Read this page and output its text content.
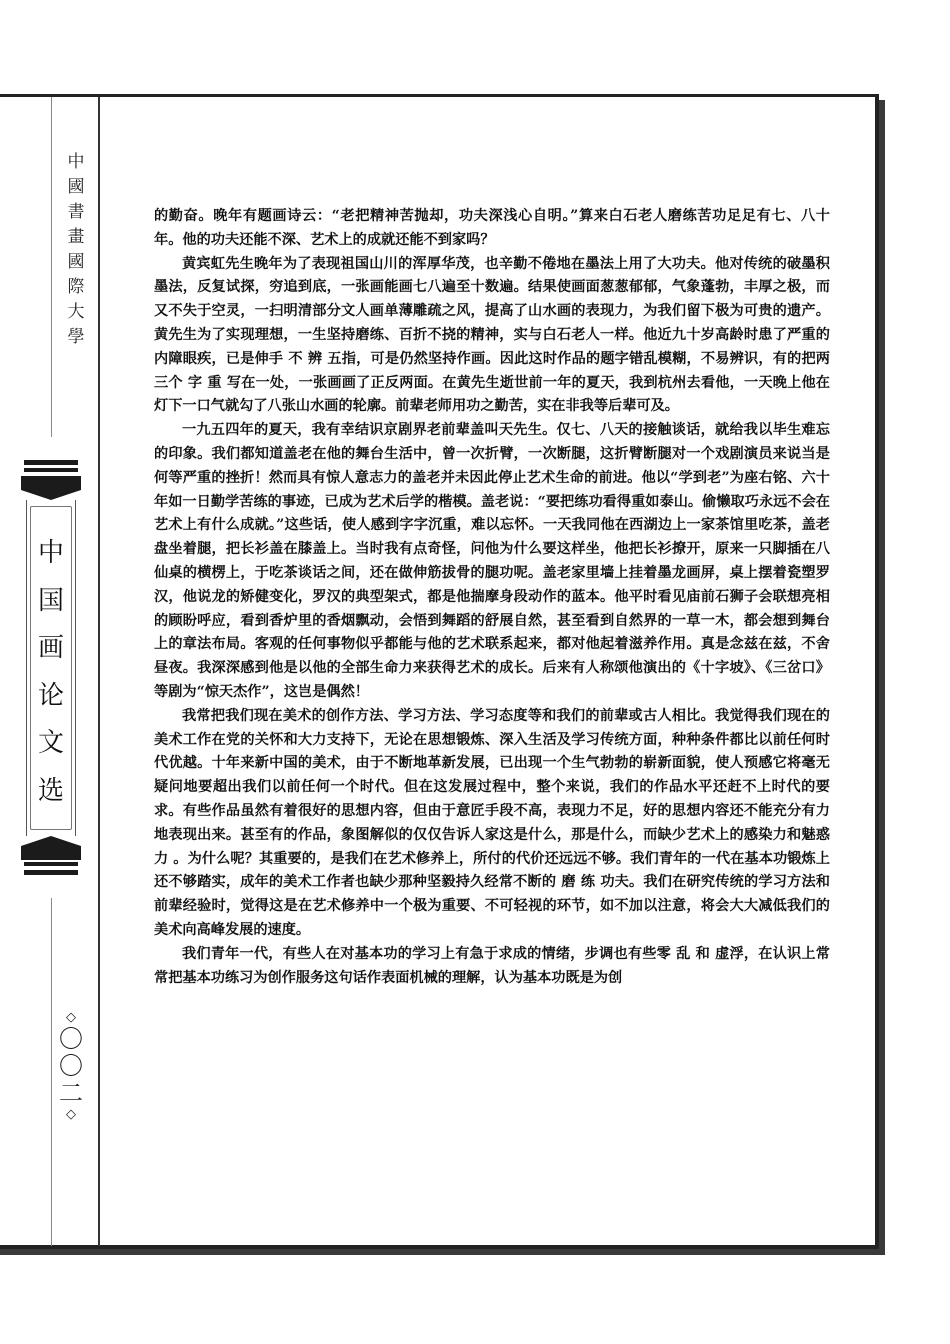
中
國
書
畫
國
際
大
學
中
国
画
论
文
选
◇
〇
〇
二
◇

的勤奋。晚年有题画诗云：“老把精神苦抛却，功夫深浅心自明。”算来白石老人磨练苦功足足有七、八十年。他的功夫还能不深、艺术上的成就还能不到家吗？

黄宾虹先生晚年为了表现祖国山川的浑厚华茂，也辛勤不倦地在墨法上用了大功夫。他对传统的破墨积墨法，反复试探，穷追到底，一张画能画七八遍至十数遍。结果使画面葱葱郁郁，气象蓬勃，丰厚之极，而又不失于空灵，一扫明清部分文人画单薄雕疏之风，提高了山水画的表现力，为我们留下极为可贵的遗产。黄先生为了实现理想，一生坚持磨练、百折不挠的精神，实与白石老人一样。他近九十岁高龄时患了严重的内障眼疾，已是伸手 不 辨 五指，可是仍然坚持作画。因此这时作品的题字错乱模糊，不易辨识，有的把两三个 字 重 写在一处，一张画画了正反两面。在黄先生逝世前一年的夏天，我到杭州去看他，一天晚上他在灯下一口气就勾了八张山水画的轮廓。前辈老师用功之勤苦，实在非我等后辈可及。

一九五四年的夏天，我有幸结识京剧界老前辈盖叫天先生。仅七、八天的接触谈话，就给我以毕生难忘的印象。我们都知道盖老在他的舞台生活中，曾一次折臂，一次断腿，这折臂断腿对一个戏剧演员来说当是何等严重的挫折！然而具有惊人意志力的盖老并未因此停止艺术生命的前进。他以“学到老”为座右铭、六十年如一日勤学苦练的事迹，已成为艺术后学的楷模。盖老说：“要把练功看得重如泰山。偷懒取巧永远不会在艺术上有什么成就。”这些话，使人感到字字沉重，难以忘怀。一天我同他在西湖边上一家茶馆里吃茶，盖老盘坐着腿，把长衫盖在膝盖上。当时我有点奇怪，问他为什么要这样坐，他把长衫撩开，原来一只脚插在八仙桌的横楞上，于吃茶谈话之间，还在做伸筋拔骨的腿功呢。盖老家里墙上挂着墨龙画屏，桌上摆着瓷塑罗汉，他说龙的矫健变化，罗汉的典型架式，都是他揣摩身段动作的蓝本。他平时看见庙前石狮子会联想亮相的顾盼呼应，看到香炉里的香烟飘动，会悟到舞蹈的舒展自然，甚至看到自然界的一草一木，都会想到舞台上的章法布局。客观的任何事物似乎都能与他的艺术联系起来，都对他起着滋养作用。真是念兹在兹，不舍昼夜。我深深感到他是以他的全部生命力来获得艺术的成长。后来有人称颂他演出的《十字坡》、《三岔口》等剧为“惊天杰作”，这岂是偶然！

我常把我们现在美术的创作方法、学习方法、学习态度等和我们的前辈或古人相比。我觉得我们现在的美术工作在党的关怀和大力支持下，无论在思想锻炼、深入生活及学习传统方面，种种条件都比以前任何时代优越。十年来新中国的美术，由于不断地革新发展，已出现一个生气勃勃的崭新面貌，使人预感它将毫无疑问地要超出我们以前任何一个时代。但在这发展过程中，整个来说，我们的作品水平还赶不上时代的要求。有些作品虽然有着很好的思想内容，但由于意匠手段不高，表现力不足，好的思想内容还不能充分有力地表现出来。甚至有的作品，象图解似的仅仅告诉人家这是什么，那是什么，而缺少艺术上的感染力和魅惑力 。为什么呢？其重要的，是我们在艺术修养上，所付的代价还远远不够。我们青年的一代在基本功锻炼上还不够踏实，成年的美术工作者也缺少那种坚毅持久经常不断的 磨 练 功夫。我们在研究传统的学习方法和前辈经验时，觉得这是在艺术修养中一个极为重要、不可轻视的环节，如不加以注意，将会大大减低我们的美术向高峰发展的速度。

我们青年一代，有些人在对基本功的学习上有急于求成的情绪，步调也有些零 乱 和 虚浮，在认识上常常把基本功练习为创作服务这句话作表面机械的理解，认为基本功既是为创
